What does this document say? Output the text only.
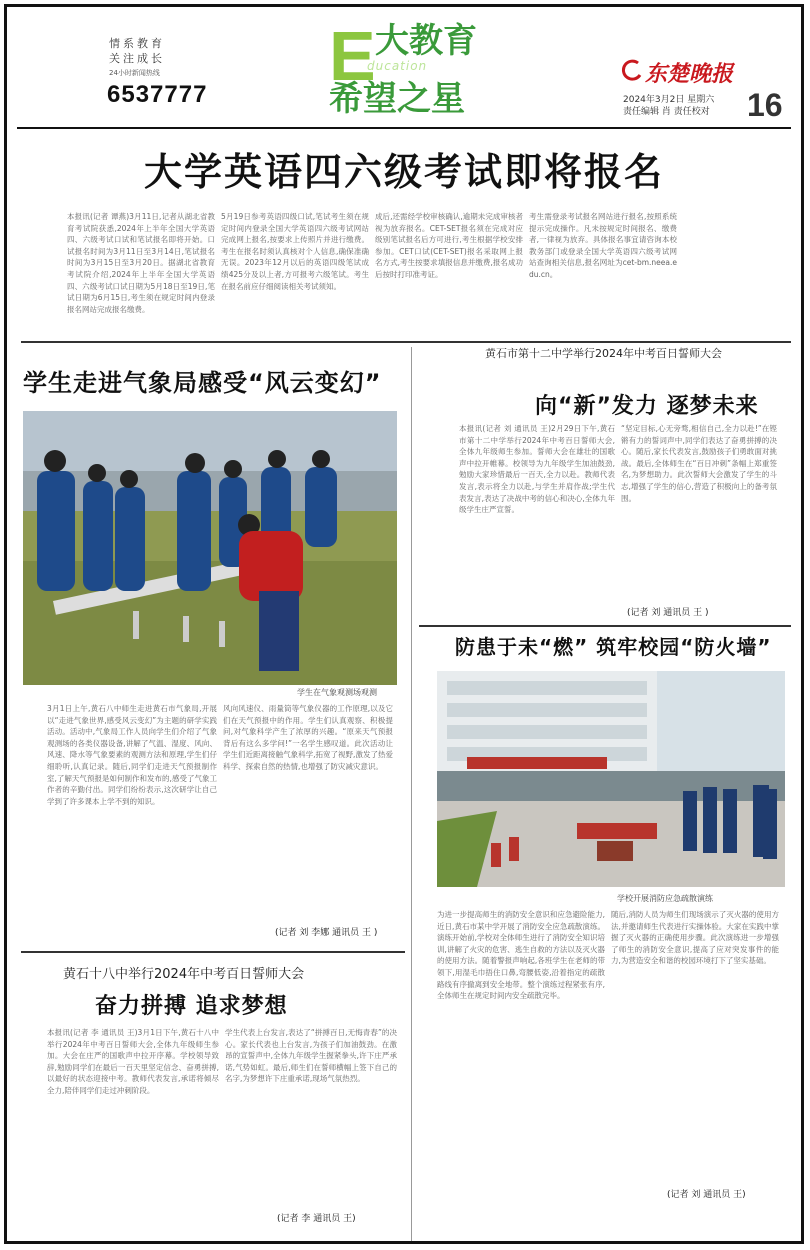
情系教育
关注成长
24小时新闻热线
6537777 E
ducation
大教育
希望之星
东楚晚报
2024年3月2日 星期六
责任编辑 肖 责任校对 16
大学英语四六级考试即将报名
本报讯(记者 谭燕)3月11日,记者从湖北省教育考试院获悉,2024年上半年全国大学英语四、六级考试口试和笔试报名即将开始。口试报名时间为3月11日至3月14日,笔试报名时间为3月15日至3月20日。据湖北省教育考试院介绍,2024年上半年全国大学英语四、六级考试口试日期为5月18日至19日,笔试日期为6月15日,考生须在规定时间内登录报名网站完成报名缴费。
5月19日参考英语四级口试,笔试考生须在规定时间内登录全国大学英语四六级考试网站完成网上报名,按要求上传照片并进行缴费。考生在报名时须认真核对个人信息,确保准确无误。2023年12月以后的英语四级笔试成绩425分及以上者,方可报考六级笔试。考生在报名前应仔细阅读相关考试须知。
成后,还需经学校审核确认,逾期未完成审核者视为放弃报名。CET-SET报名须在完成对应级别笔试报名后方可进行,考生根据学校安排参加。CET口试(CET-SET)报名采取网上报名方式,考生按要求填报信息并缴费,报名成功后按时打印准考证。
考生需登录考试报名网站进行报名,按照系统提示完成操作。凡未按规定时间报名、缴费者,一律视为放弃。具体报名事宜请咨询本校教务部门或登录全国大学英语四六级考试网站查询相关信息,报名网址为cet-bm.neea.edu.cn。
学生走进气象局感受“风云变幻”
学生在气象观测场观测
3月1日上午,黄石八中师生走进黄石市气象局,开展以“走进气象世界,感受风云变幻”为主题的研学实践活动。活动中,气象局工作人员向学生们介绍了气象观测场的各类仪器设备,讲解了气温、湿度、风向、风速、降水等气象要素的观测方法和原理,学生们仔细聆听,认真记录。随后,同学们走进天气预报制作室,了解天气预报是如何制作和发布的,感受了气象工作者的辛勤付出。同学们纷纷表示,这次研学让自己学到了许多课本上学不到的知识。
风向风速仪、雨量筒等气象仪器的工作原理,以及它们在天气预报中的作用。学生们认真观察、积极提问,对气象科学产生了浓厚的兴趣。“原来天气预报背后有这么多学问!”一名学生感叹道。此次活动让学生们近距离接触气象科学,拓宽了视野,激发了热爱科学、探索自然的热情,也增强了防灾减灾意识。
(记者 刘 李娜 通讯员 王 )
黄石市第十二中学举行2024年中考百日誓师大会
向“新”发力 逐梦未来
本报讯(记者 刘 通讯员 王)2月29日下午,黄石市第十二中学举行2024年中考百日誓师大会,全体九年级师生参加。誓师大会在雄壮的国歌声中拉开帷幕。校领导为九年级学生加油鼓劲,勉励大家珍惜最后一百天,全力以赴。教师代表发言,表示将全力以赴,与学生并肩作战;学生代表发言,表达了决战中考的信心和决心,全体九年级学生庄严宣誓。
“坚定目标,心无旁骛,相信自己,全力以赴!”在铿锵有力的誓词声中,同学们表达了奋勇拼搏的决心。随后,家长代表发言,鼓励孩子们勇敢面对挑战。最后,全体师生在“百日冲刺”条幅上郑重签名,为梦想助力。此次誓师大会激发了学生的斗志,增强了学生的信心,营造了积极向上的备考氛围。
(记者 刘 通讯员 王 )
防患于未“燃” 筑牢校园“防火墙”
学校开展消防应急疏散演练
为进一步提高师生的消防安全意识和应急避险能力,近日,黄石市某中学开展了消防安全应急疏散演练。演练开始前,学校对全体师生进行了消防安全知识培训,讲解了火灾的危害、逃生自救的方法以及灭火器的使用方法。随着警报声响起,各班学生在老师的带领下,用湿毛巾捂住口鼻,弯腰低姿,沿着指定的疏散路线有序撤离到安全地带。整个演练过程紧张有序,全体师生在规定时间内安全疏散完毕。
随后,消防人员为师生们现场演示了灭火器的使用方法,并邀请师生代表进行实操体验。大家在实践中掌握了灭火器的正确使用步骤。此次演练进一步增强了师生的消防安全意识,提高了应对突发事件的能力,为营造安全和谐的校园环境打下了坚实基础。
(记者 刘 通讯员 王)
黄石十八中举行2024年中考百日誓师大会
奋力拼搏 追求梦想
本报讯(记者 李 通讯员 王)3月1日下午,黄石十八中举行2024年中考百日誓师大会,全体九年级师生参加。大会在庄严的国歌声中拉开序幕。学校领导致辞,勉励同学们在最后一百天里坚定信念、奋勇拼搏,以最好的状态迎接中考。教师代表发言,承诺将倾尽全力,陪伴同学们走过冲刺阶段。
学生代表上台发言,表达了“拼搏百日,无悔青春”的决心。家长代表也上台发言,为孩子们加油鼓劲。在激昂的宣誓声中,全体九年级学生握紧拳头,许下庄严承诺,气势如虹。最后,师生们在誓师横幅上签下自己的名字,为梦想许下庄重承诺,现场气氛热烈。
(记者 李 通讯员 王)
